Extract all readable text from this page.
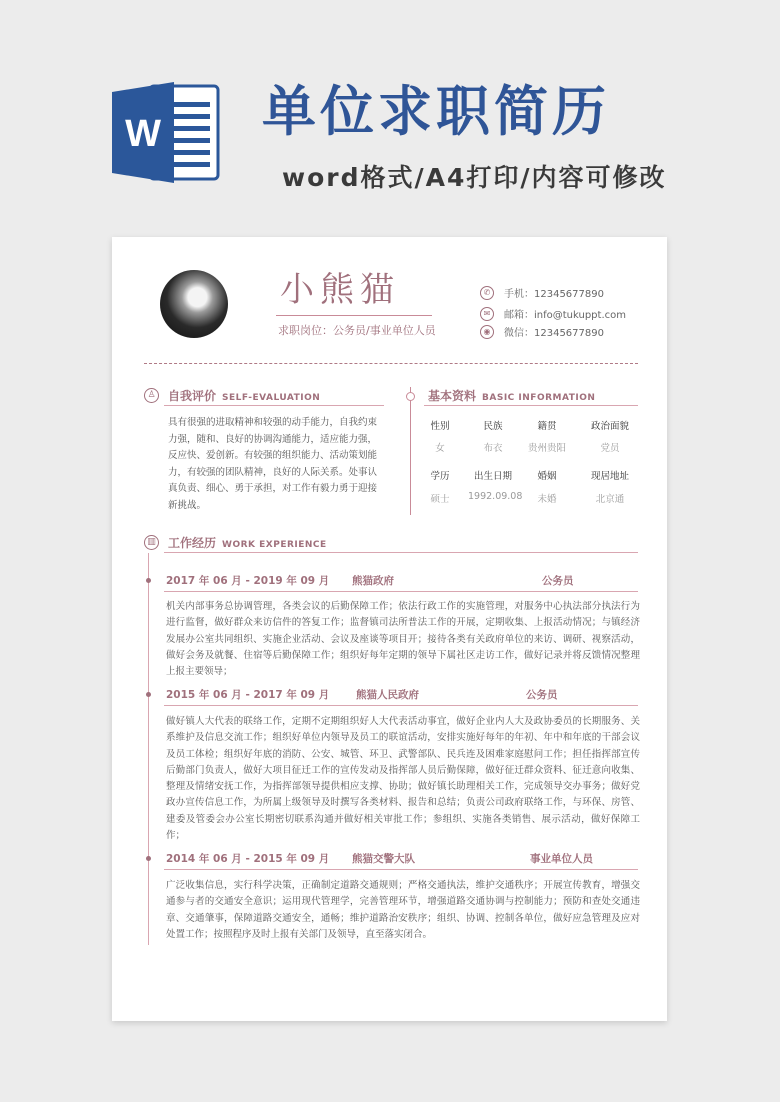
W 单位求职简历
word格式/A4打印/内容可修改
小熊猫
求职岗位：公务员/事业单位人员
✆	手机：12345677890
✉	邮箱：info@tukuppt.com
◉	微信：12345677890
♙ 自我评价 SELF-EVALUATION
具有很强的进取精神和较强的动手能力，自我约束力强，随和、良好的协调沟通能力，适应能力强，反应快、爱创新。有较强的组织能力、活动策划能力，有较强的团队精神，良好的人际关系。处事认真负责、细心、勇于承担，对工作有毅力勇于迎接新挑战。
基本资料 BASIC INFORMATION
性别	民族	籍贯	政治面貌
女	布衣	贵州贵阳	党员
学历	出生日期	婚姻	现居地址
硕士	1992.09.08	未婚	北京通
▥ 工作经历 WORK EXPERIENCE
2017 年 06 月 - 2019 年 09 月 熊猫政府	公务员
机关内部事务总协调管理，各类会议的后勤保障工作；依法行政工作的实施管理，对服务中心执法部分执法行为进行监督，做好群众来访信件的答复工作；监督镇司法所普法工作的开展，定期收集、上报活动情况；与镇经济发展办公室共同组织、实施企业活动、会议及座谈等项目开；接待各类有关政府单位的来访、调研、视察活动，做好会务及就餐、住宿等后勤保障工作；组织好每年定期的领导下属社区走访工作，做好记录并将反馈情况整理上报主要领导；
2015 年 06 月 - 2017 年 09 月	熊猫人民政府	公务员
做好镇人大代表的联络工作，定期不定期组织好人大代表活动事宜，做好企业内人大及政协委员的长期服务、关系维护及信息交流工作；组织好单位内领导及员工的联谊活动，安排实施好每年的年初、年中和年底的干部会议及员工体检；组织好年底的消防、公安、城管、环卫、武警部队、民兵连及困难家庭慰问工作；担任指挥部宣传后勤部门负责人，做好大项目征迁工作的宣传发动及指挥部人员后勤保障，做好征迁群众资料、征迁意向收集、整理及情绪安抚工作，为指挥部领导提供相应支撑、协助；做好镇长助理相关工作，完成领导交办事务；做好党政办宣传信息工作，为所属上级领导及时撰写各类材料、报告和总结；负责公司政府联络工作，与环保、房管、建委及管委会办公室长期密切联系沟通并做好相关审批工作；参组织、实施各类销售、展示活动，做好保障工作；
2014 年 06 月 - 2015 年 09 月 熊猫交警大队	事业单位人员
广泛收集信息，实行科学决策，正确制定道路交通规则；严格交通执法，维护交通秩序；开展宣传教育，增强交通参与者的交通安全意识；运用现代管理学，完善管理环节，增强道路交通协调与控制能力；预防和查处交通违章、交通肇事，保障道路交通安全，通畅；维护道路治安秩序；组织、协调、控制各单位，做好应急管理及应对处置工作；按照程序及时上报有关部门及领导，直至落实闭合。
